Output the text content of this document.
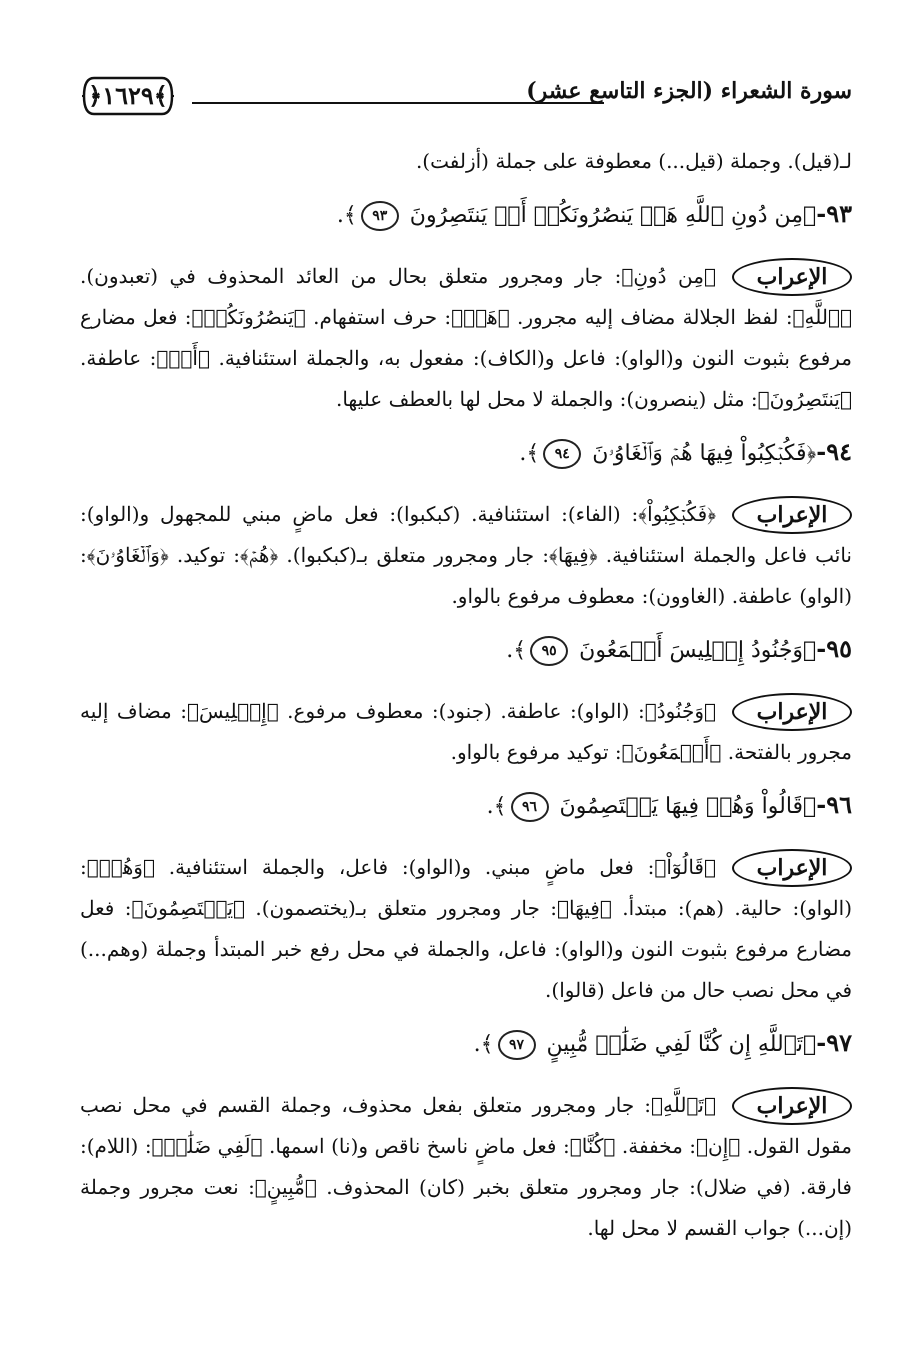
﴿١٦٢٩﴾	سورة الشعراء (الجزء التاسع عشر)

لـ(قيل). وجملة (قيل...) معطوفة على جملة (أزلفت).

٩٣-﴿مِن دُونِ ٱللَّهِ هَلۡ يَنصُرُونَكُمۡ أَوۡ يَنتَصِرُونَ ٩٣﴾.
الإعراب
﴿مِن دُونِ﴾: جار ومجرور متعلق بحال من العائد المحذوف في (تعبدون). ﴿ٱللَّهِ﴾: لفظ الجلالة مضاف إليه مجرور. ﴿هَلۡ﴾: حرف استفهام. ﴿يَنصُرُونَكُمۡ﴾: فعل مضارع مرفوع بثبوت النون و(الواو): فاعل و(الكاف): مفعول به، والجملة استئنافية. ﴿أَوۡ﴾: عاطفة. ﴿يَنتَصِرُونَ﴾: مثل (ينصرون): والجملة لا محل لها بالعطف عليها.
٩٤-﴿فَكُبۡكِبُواْ فِيهَا هُمۡ وَٱلۡغَاوُۥنَ ٩٤﴾.
الإعراب
﴿فَكُبۡكِبُواْ﴾: (الفاء): استئنافية. (كبكبوا): فعل ماضٍ مبني للمجهول و(الواو): نائب فاعل والجملة استئنافية. ﴿فِيهَا﴾: جار ومجرور متعلق بـ(كبكبوا). ﴿هُمۡ﴾: توكيد. ﴿وَٱلۡغَاوُۥنَ﴾: (الواو) عاطفة. (الغاوون): معطوف مرفوع بالواو.
٩٥-﴿وَجُنُودُ إِبۡلِيسَ أَجۡمَعُونَ ٩٥﴾.
الإعراب
﴿وَجُنُودُ﴾: (الواو): عاطفة. (جنود): معطوف مرفوع. ﴿إِبۡلِيسَ﴾: مضاف إليه مجرور بالفتحة. ﴿أَجۡمَعُونَ﴾: توكيد مرفوع بالواو.
٩٦-﴿قَالُواْ وَهُمۡ فِيهَا يَخۡتَصِمُونَ ٩٦﴾.
الإعراب
﴿قَالُوٓاْ﴾: فعل ماضٍ مبني. و(الواو): فاعل، والجملة استئنافية. ﴿وَهُمۡ﴾: (الواو): حالية. (هم): مبتدأ. ﴿فِيهَا﴾: جار ومجرور متعلق بـ(يختصمون). ﴿يَخۡتَصِمُونَ﴾: فعل مضارع مرفوع بثبوت النون و(الواو): فاعل، والجملة في محل رفع خبر المبتدأ وجملة (وهم...) في محل نصب حال من فاعل (قالوا).
٩٧-﴿تَٱللَّهِ إِن كُنَّا لَفِي ضَلَٰلٖ مُّبِينٍ ٩٧﴾.
الإعراب
﴿تَٱللَّهِ﴾: جار ومجرور متعلق بفعل محذوف، وجملة القسم في محل نصب مقول القول. ﴿إِن﴾: مخففة. ﴿كُنَّا﴾: فعل ماضٍ ناسخ ناقص و(نا) اسمها. ﴿لَفِي ضَلَٰلٖ﴾: (اللام): فارقة. (في ضلال): جار ومجرور متعلق بخبر (كان) المحذوف. ﴿مُّبِينٍ﴾: نعت مجرور وجملة (إن...) جواب القسم لا محل لها.
